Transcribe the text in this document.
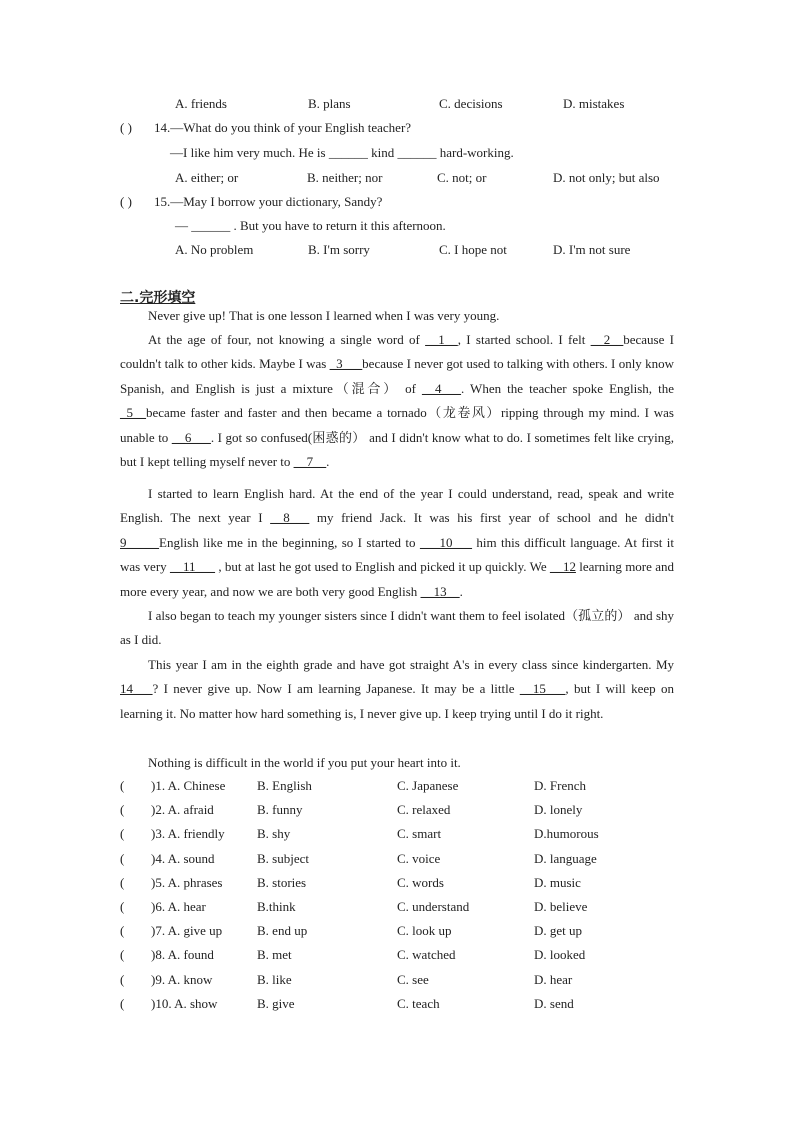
A. friends	B. plans	C. decisions	D. mistakes
( ) 14.—What do you think of your English teacher?
—I like him very much. He is ______ kind ______ hard-working.
A. either; or	B. neither; nor	C. not; or	D. not only; but also
( ) 15.—May I borrow your dictionary, Sandy?
— ______ . But you have to return it this afternoon.
A. No problem	B. I'm sorry	C. I hope not	D. I'm not sure
二.完形填空

Never give up! That is one lesson I learned when I was very young.

At the age of four, not knowing a single word of __1__, I started school. I felt __2__because I couldn't talk to other kids. Maybe I was _3___because I never got used to talking with others. I only know Spanish, and English is just a mixture（混合） of __4___. When the teacher spoke English, the _5__became faster and faster and then became a tornado（龙卷风）ripping through my mind. I was unable to __6___. I got so confused(困惑的） and I didn't know what to do. I sometimes felt like crying, but I kept telling myself never to __7__.

I started to learn English hard. At the end of the year I could understand, read, speak and write English. The next year I __8___ my friend Jack. It was his first year of school and he didn't 9_____English like me in the beginning, so I started to ___10___ him this difficult language. At first it was very __11___ , but at last he got used to English and picked it up quickly. We __12 learning more and more every year, and now we are both very good English __13__.

I also began to teach my younger sisters since I didn't want them to feel isolated（孤立的） and shy as I did.

This year I am in the eighth grade and have got straight A's in every class since kindergarten. My 14___? I never give up. Now I am learning Japanese. It may be a little __15___, but I will keep on learning it. No matter how hard something is, I never give up. I keep trying until I do it right.

Nothing is difficult in the world if you put your heart into it.

( )1. A. Chinese B. English	C. Japanese	D. French
( )2. A. afraid	B. funny	C. relaxed	D. lonely
( )3. A. friendly B. shy	C. smart	D.humorous
( )4. A. sound	B. subject	C. voice	D. language
( )5. A. phrases	B. stories	C. words	D. music
( )6. A. hear	B.think	C. understand	D. believe
( )7. A. give up	B. end up	C. look up	D. get up
( )8. A. found	B. met	C. watched	D. looked
( )9. A. know	B. like	C. see	D. hear
( )10. A. show	B. give	C. teach	D. send
